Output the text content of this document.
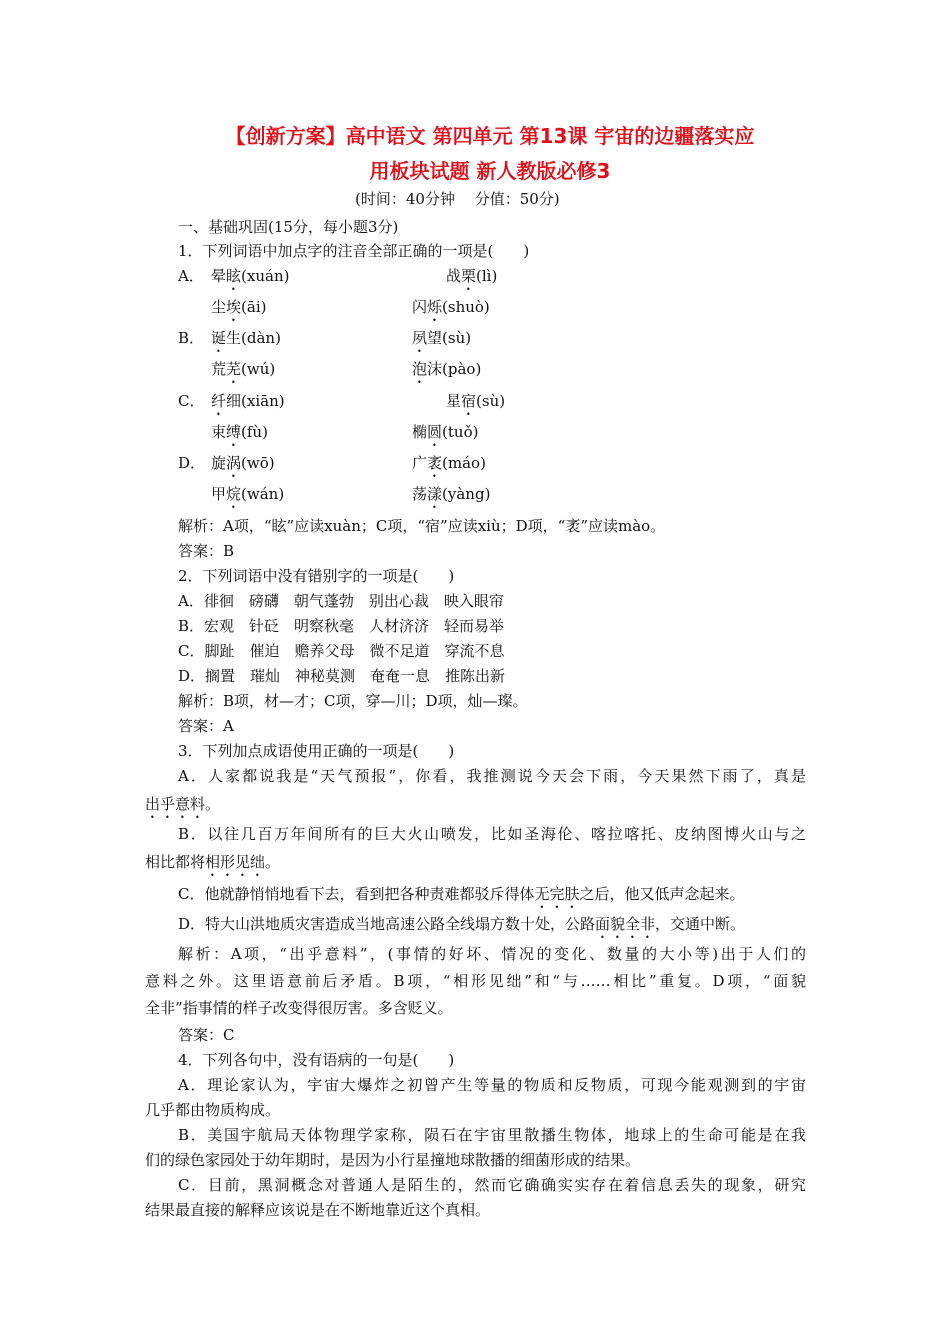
【创新方案】高中语文 第四单元 第13课 宇宙的边疆落实应
用板块试题 新人教版必修3
(时间：40分钟　 分值：50分)
一、基础巩固(15分，每小题3分)
1．下列词语中加点字的注音全部正确的一项是(　　)
A． 晕眩(xuán)	战栗(lì)
尘埃(āi)	闪烁(shuò)
B． 诞生(dàn)	夙望(sù)
荒芜(wú)	泡沫(pào)
C． 纤细(xiān)	星宿(sù)
束缚(fù)	椭圆(tuǒ)
D． 旋涡(wō)	广袤(máo)
甲烷(wán)	荡漾(yàng)
解析：A项，“眩”应读xuàn；C项，“宿”应读xiù；D项，“袤”应读mào。
答案：B
2．下列词语中没有错别字的一项是(　　)
A．徘徊　磅礴　朝气蓬勃　别出心裁　映入眼帘
B．宏观　针砭　明察秋毫　人材济济　轻而易举
C．脚趾　催迫　赡养父母　微不足道　穿流不息
D．搁置　璀灿　神秘莫测　奄奄一息　推陈出新
解析：B项，材—才；C项，穿—川；D项，灿—璨。
答案：A
3．下列加点成语使用正确的一项是(　　)
A．人家都说我是“天气预报”，你看，我推测说今天会下雨，今天果然下雨了，真是
出乎意料。
B．以往几百万年间所有的巨大火山喷发，比如圣海伦、喀拉喀托、皮纳图博火山与之
相比都将相形见绌。
C．他就静悄悄地看下去，看到把各种责难都驳斥得体无完肤之后，他又低声念起来。
D．特大山洪地质灾害造成当地高速公路全线塌方数十处，公路面貌全非，交通中断。
解析：A项，“出乎意料”，(事情的好坏、情况的变化、数量的大小等)出于人们的
意料之外。这里语意前后矛盾。B项，“相形见绌”和“与……相比”重复。D项，“面貌
全非”指事情的样子改变得很厉害。多含贬义。
答案：C
4．下列各句中，没有语病的一句是(　　)
A．理论家认为，宇宙大爆炸之初曾产生等量的物质和反物质，可现今能观测到的宇宙
几乎都由物质构成。
B．美国宇航局天体物理学家称，陨石在宇宙里散播生物体，地球上的生命可能是在我
们的绿色家园处于幼年期时，是因为小行星撞地球散播的细菌形成的结果。
C．目前，黑洞概念对普通人是陌生的，然而它确确实实存在着信息丢失的现象，研究
结果最直接的解释应该说是在不断地靠近这个真相。
